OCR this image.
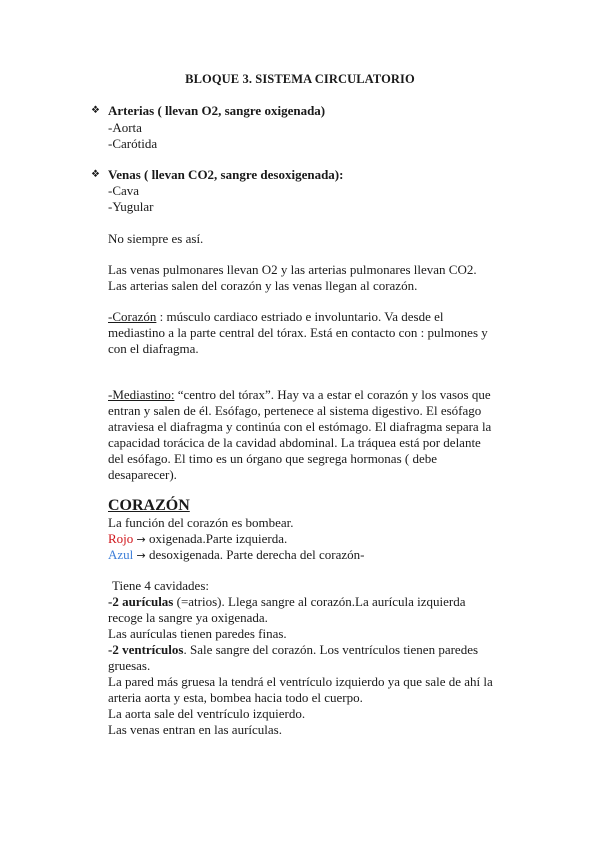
BLOQUE 3. SISTEMA CIRCULATORIO
❖ Arterias ( llevan O2, sangre oxigenada)
-Aorta
-Carótida
❖ Venas ( llevan CO2, sangre desoxigenada):
-Cava
-Yugular
No siempre es así.
Las venas pulmonares llevan O2 y las arterias pulmonares llevan CO2.
Las arterias salen del corazón y las venas llegan al corazón.
-Corazón : músculo cardiaco estriado e involuntario. Va desde el
mediastino a la parte central del tórax. Está en contacto con : pulmones y
con el diafragma.
-Mediastino: “centro del tórax”. Hay va a estar el corazón y los vasos que
entran y salen de él. Esófago, pertenece al sistema digestivo. El esófago
atraviesa el diafragma y continúa con el estómago. El diafragma separa la
capacidad torácica de la cavidad abdominal. La tráquea está por delante
del esófago. El timo es un órgano que segrega hormonas ( debe
desaparecer).
CORAZÓN
La función del corazón es bombear.
Rojo → oxigenada.Parte izquierda.
Azul → desoxigenada. Parte derecha del corazón-
Tiene 4 cavidades:
-2 aurículas (=atrios). Llega sangre al corazón.La aurícula izquierda
recoge la sangre ya oxigenada.
Las aurículas tienen paredes finas.
-2 ventrículos. Sale sangre del corazón. Los ventrículos tienen paredes
gruesas.
La pared más gruesa la tendrá el ventrículo izquierdo ya que sale de ahí la
arteria aorta y esta, bombea hacia todo el cuerpo.
La aorta sale del ventrículo izquierdo.
Las venas entran en las aurículas.
